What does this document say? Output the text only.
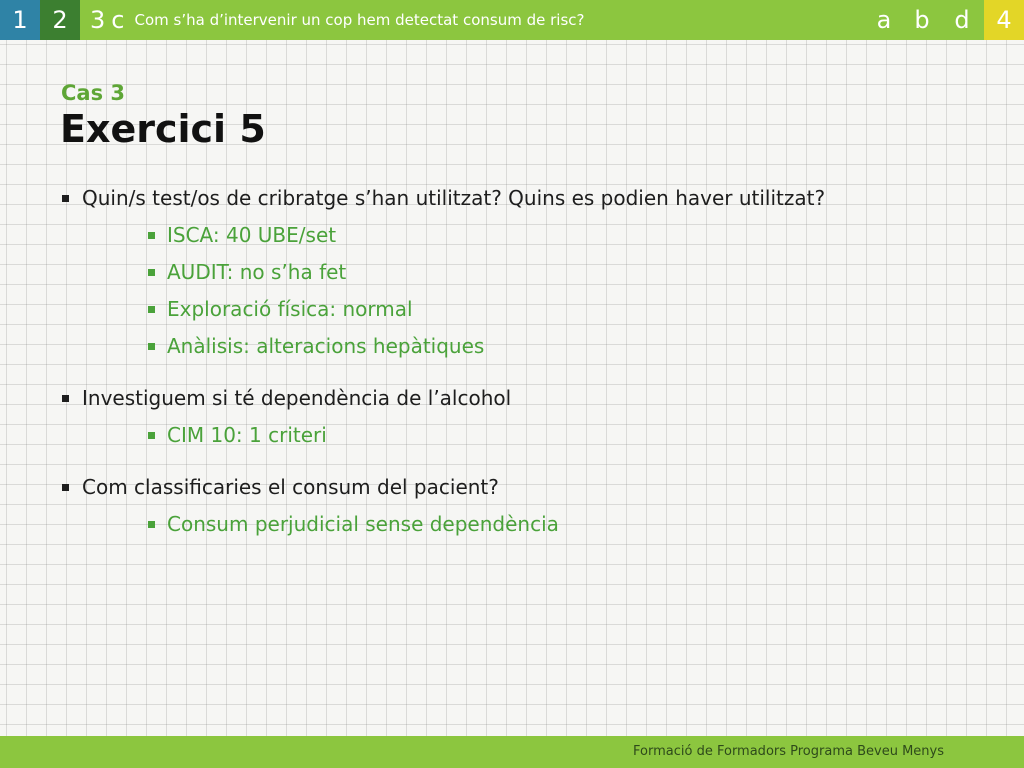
1	2 3 c Com s’ha d’intervenir un cop hem detectat consum de risc?	a b	d	4
Cas 3
Exercici 5
Quin/s test/os de cribratge s’han utilitzat? Quins es podien haver utilitzat?
ISCA: 40 UBE/set
AUDIT: no s’ha fet
Exploració física: normal
Anàlisis: alteracions hepàtiques
Investiguem si té dependència de l’alcohol
CIM 10: 1 criteri
Com classificaries el consum del pacient?
Consum perjudicial sense dependència
Formació de Formadors Programa Beveu Menys
